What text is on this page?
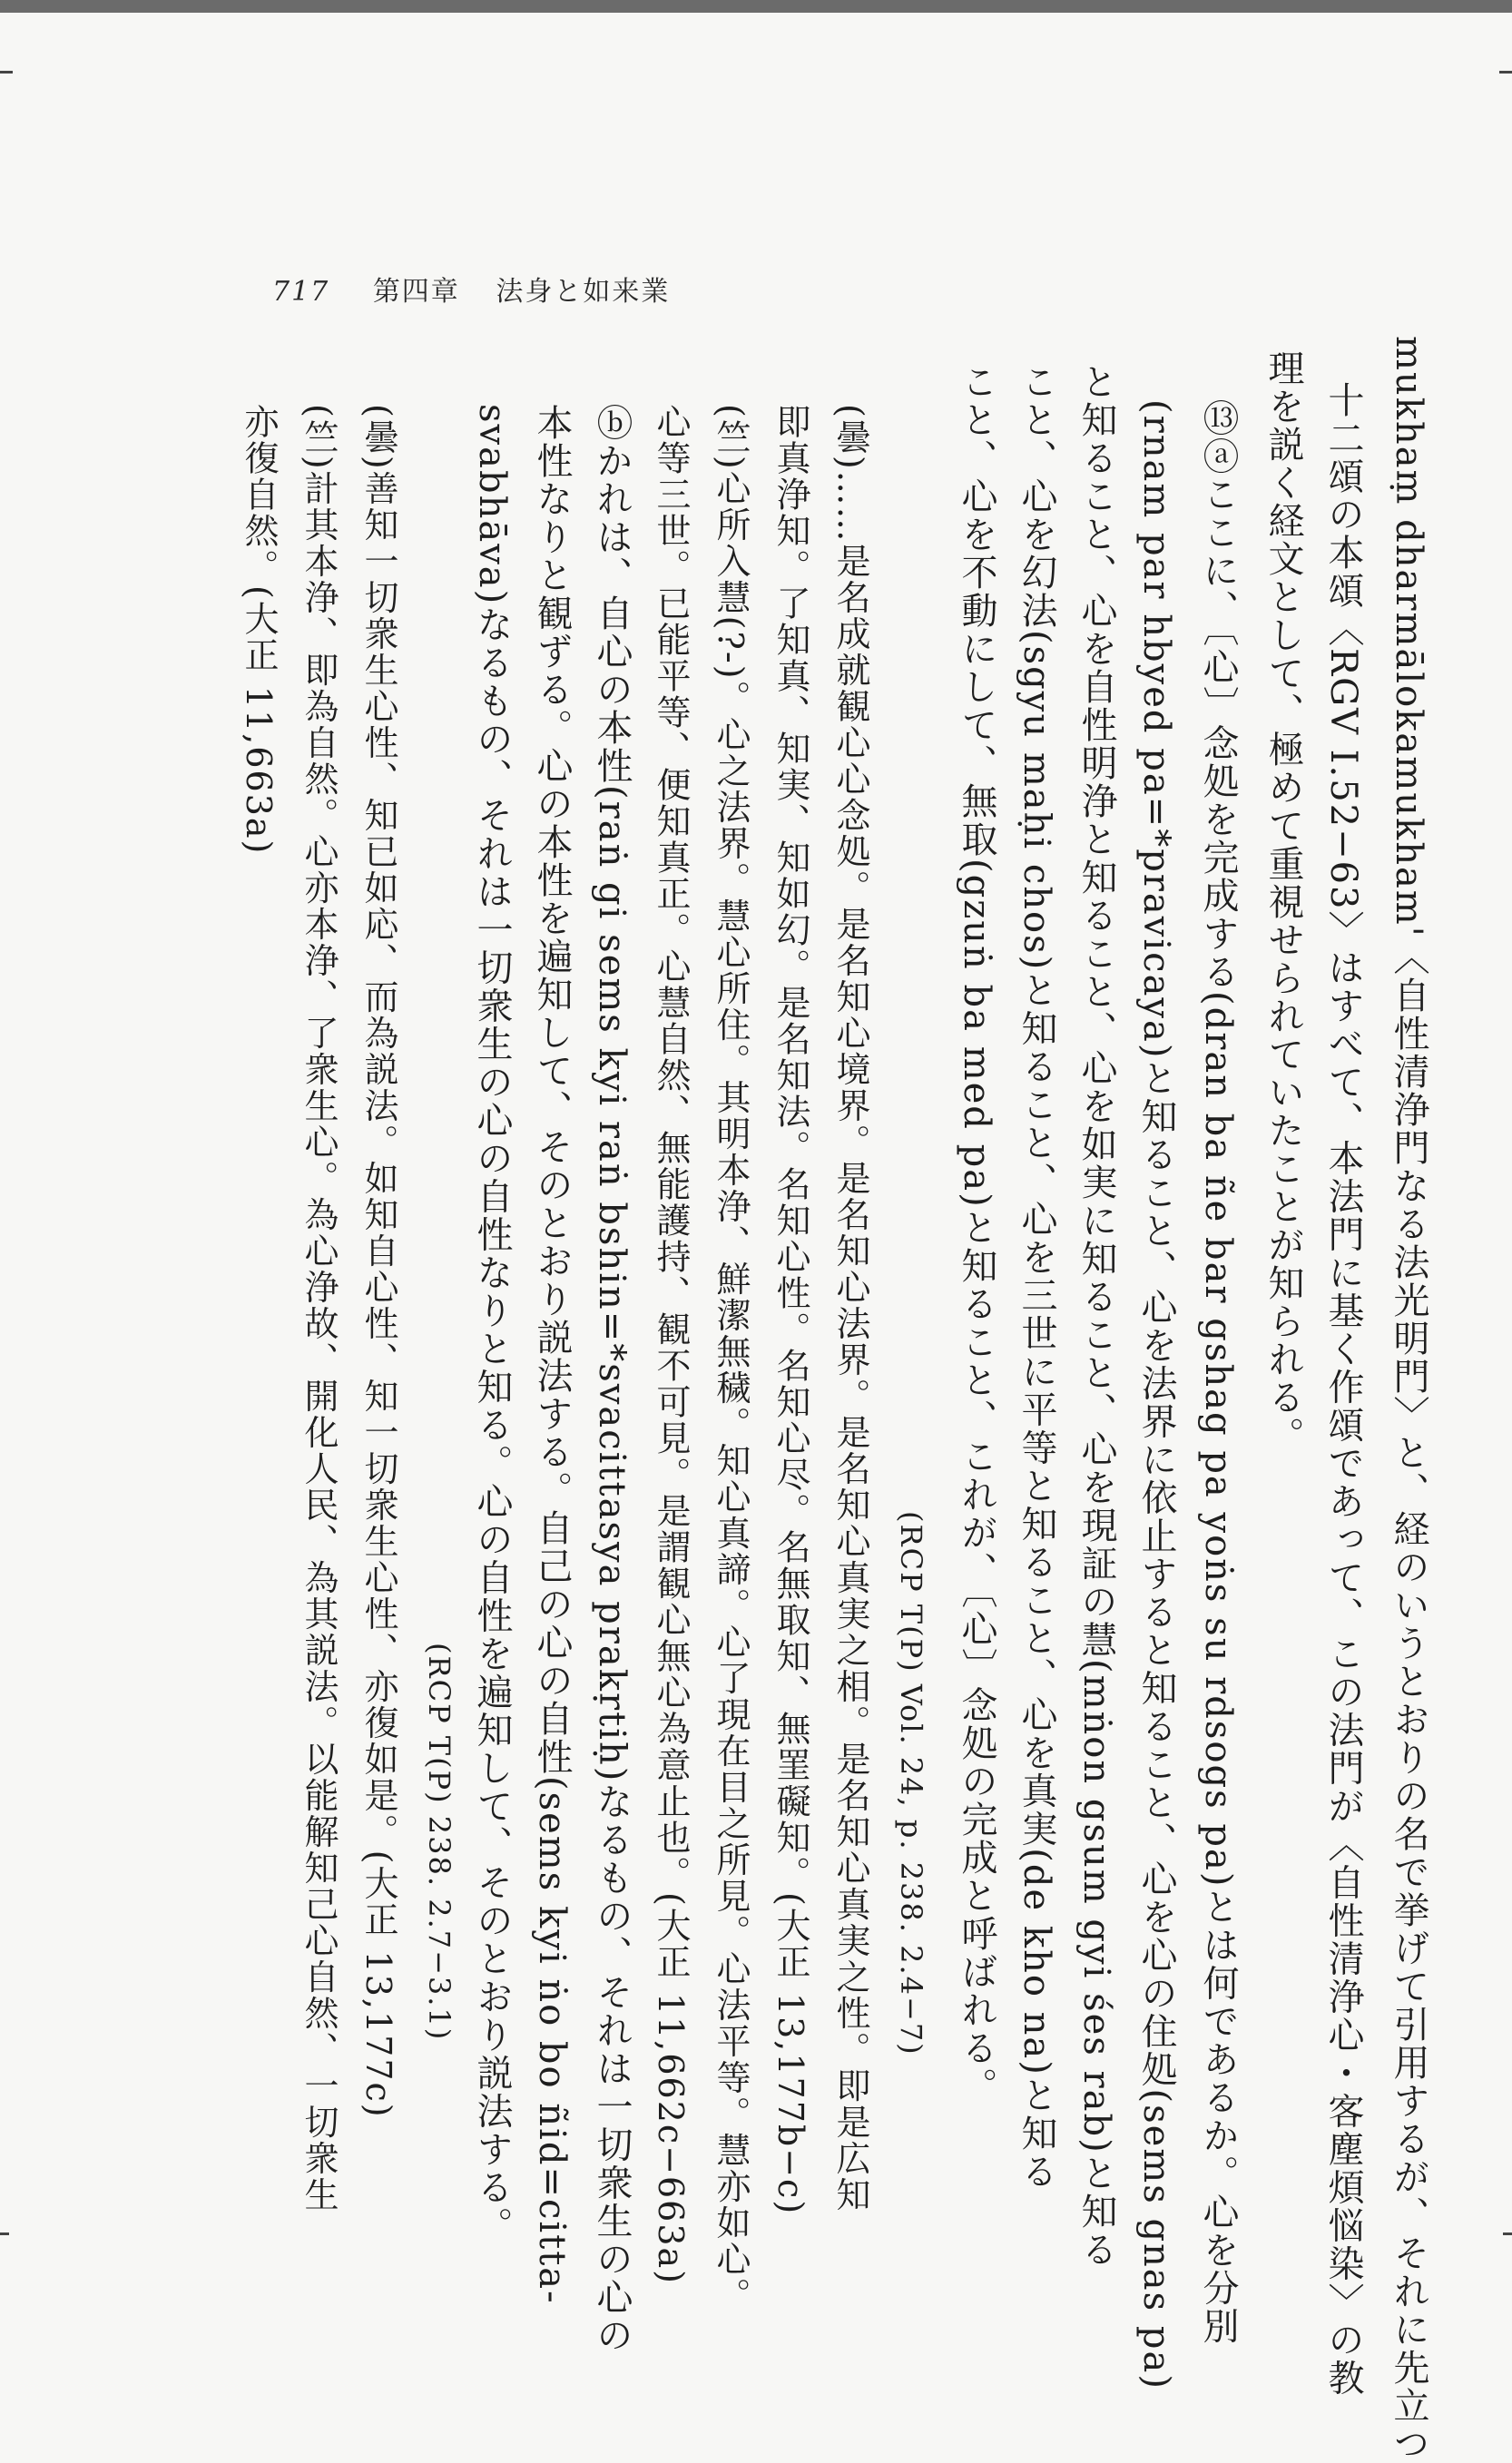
717 第四章 法身と如来業
mukhaṃ dharmālokamukham'〈自性清浄門なる法光明門〉と、経のいうとおりの名で挙げて引用するが、それに先立つ
十二頌の本頌〈RGV I.52−63〉はすべて、本法門に基く作頌であって、この法門が〈自性清浄心・客塵煩悩染〉の教
理を説く経文として、極めて重視せられていたことが知られる。
⑬ⓐここに、〔心〕念処を完成する(dran ba ñe bar gshag pa yoṅs su rdsogs pa)とは何であるか。心を分別
(rnam par hbyed pa=*pravicaya)と知ること、心を法界に依止すると知ること、心を心の住処(sems gnas pa)
と知ること、心を自性明浄と知ること、心を如実に知ること、心を現証の慧(mṅon gsum gyi śes rab)と知る
こと、心を幻法(sgyu maḥi chos)と知ること、心を三世に平等と知ること、心を真実(de kho na)と知る
こと、心を不動にして、無取(gzuṅ ba med pa)と知ること、これが、〔心〕念処の完成と呼ばれる。
(RCP T(P) Vol. 24, p. 238. 2.4−7)
(曇)……是名成就観心心念処。是名知心境界。是名知心法界。是名知心真実之相。是名知心真実之性。即是広知
即真浄知。了知真、知実、知如幻。是名知法。名知心性。名知心尽。名無取知、無罣礙知。(大正 13,177b−c)
(竺)心所入慧(?-)。心之法界。慧心所住。其明本浄、鮮潔無穢。知心真諦。心了現在目之所見。心法平等。慧亦如心。
心等三世。已能平等、便知真正。心慧自然、無能護持、観不可見。是謂観心無心為意止也。(大正 11,662c−663a)
ⓑかれは、自心の本性(raṅ gi sems kyi raṅ bshin=*svacittasya prakṛtiḥ)なるもの、それは一切衆生の心の
本性なりと観ずる。心の本性を遍知して、そのとおり説法する。自己の心の自性(sems kyi ṅo bo ñid=citta-
svabhāva)なるもの、それは一切衆生の心の自性なりと知る。心の自性を遍知して、そのとおり説法する。
(RCP T(P) 238. 2.7−3.1)
(曇)善知一切衆生心性、知已如応、而為説法。如知自心性、知一切衆生心性、亦復如是。(大正 13,177c)
(竺)計其本浄、即為自然。心亦本浄、了衆生心。為心浄故、開化人民、為其説法。以能解知己心自然、一切衆生
亦復自然。(大正 11,663a)
